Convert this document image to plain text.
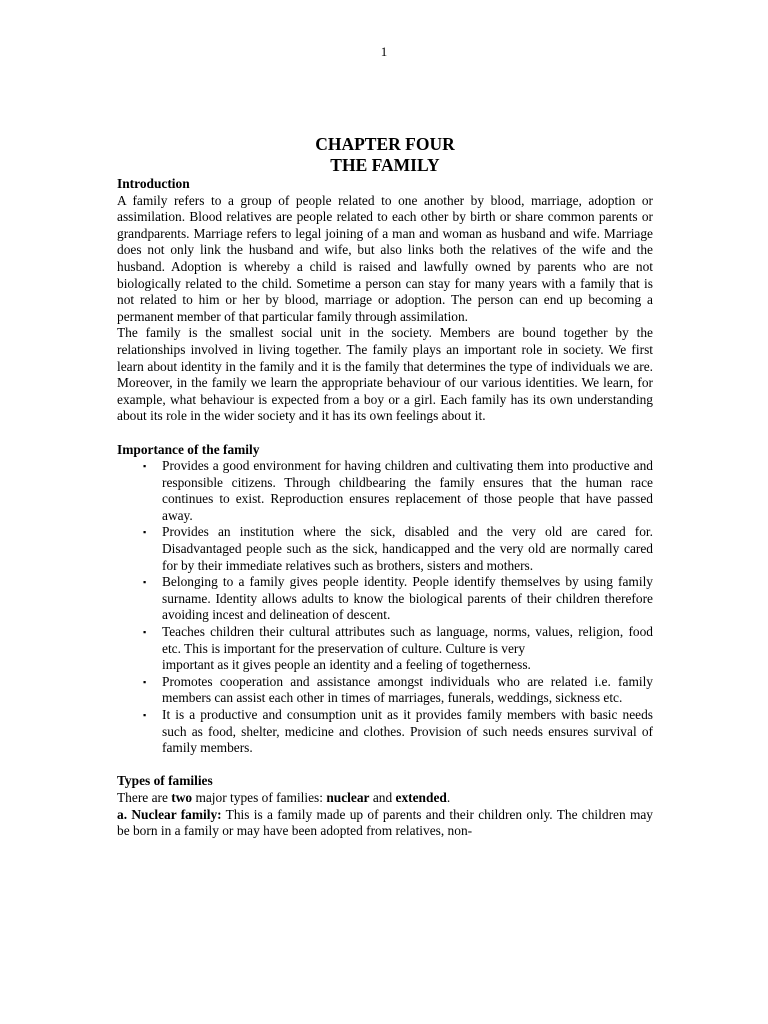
1
CHAPTER FOUR
THE FAMILY
Introduction

A family refers to a group of people related to one another by blood, marriage, adoption or assimilation. Blood relatives are people related to each other by birth or share common parents or grandparents. Marriage refers to legal joining of a man and woman as husband and wife. Marriage does not only link the husband and wife, but also links both the relatives of the wife and the husband. Adoption is whereby a child is raised and lawfully owned by parents who are not biologically related to the child. Sometime a person can stay for many years with a family that is not related to him or her by blood, marriage or adoption. The person can end up becoming a permanent member of that particular family through assimilation.

The family is the smallest social unit in the society. Members are bound together by the relationships involved in living together. The family plays an important role in society. We first learn about identity in the family and it is the family that determines the type of individuals we are. Moreover, in the family we learn the appropriate behaviour of our various identities. We learn, for example, what behaviour is expected from a boy or a girl. Each family has its own understanding about its role in the wider society and it has its own feelings about it.

Importance of the family
▪ Provides a good environment for having children and cultivating them into productive and responsible citizens. Through childbearing the family ensures that the human race continues to exist. Reproduction ensures replacement of those people that have passed away.
▪ Provides an institution where the sick, disabled and the very old are cared for. Disadvantaged people such as the sick, handicapped and the very old are normally cared for by their immediate relatives such as brothers, sisters and mothers.
▪ Belonging to a family gives people identity. People identify themselves by using family surname. Identity allows adults to know the biological parents of their children therefore avoiding incest and delineation of descent.
▪ Teaches children their cultural attributes such as language, norms, values, religion, food etc. This is important for the preservation of culture. Culture is very
important as it gives people an identity and a feeling of togetherness.
▪ Promotes cooperation and assistance amongst individuals who are related i.e. family members can assist each other in times of marriages, funerals, weddings, sickness etc.
▪ It is a productive and consumption unit as it provides family members with basic needs such as food, shelter, medicine and clothes. Provision of such needs ensures survival of family members.
Types of families

There are two major types of families: nuclear and extended.

a. Nuclear family: This is a family made up of parents and their children only. The children may be born in a family or may have been adopted from relatives, non-
